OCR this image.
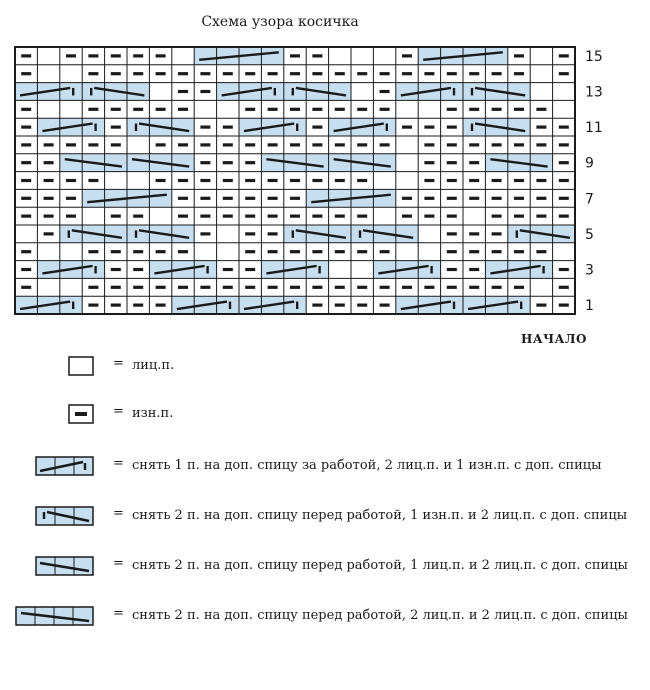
Схема узора косичка
1
3
5
7
9
11
13
15
НАЧАЛО
= лиц.п.
= изн.п.
= снять 1 п. на доп. спицу за работой, 2 лиц.п. и 1 изн.п. с доп. спицы
= снять 2 п. на доп. спицу перед работой, 1 изн.п. и 2 лиц.п. с доп. спицы
= снять 2 п. на доп. спицу перед работой, 1 лиц.п. и 2 лиц.п. с доп. спицы
= снять 2 п. на доп. спицу перед работой, 2 лиц.п. и 2 лиц.п. с доп. спицы
